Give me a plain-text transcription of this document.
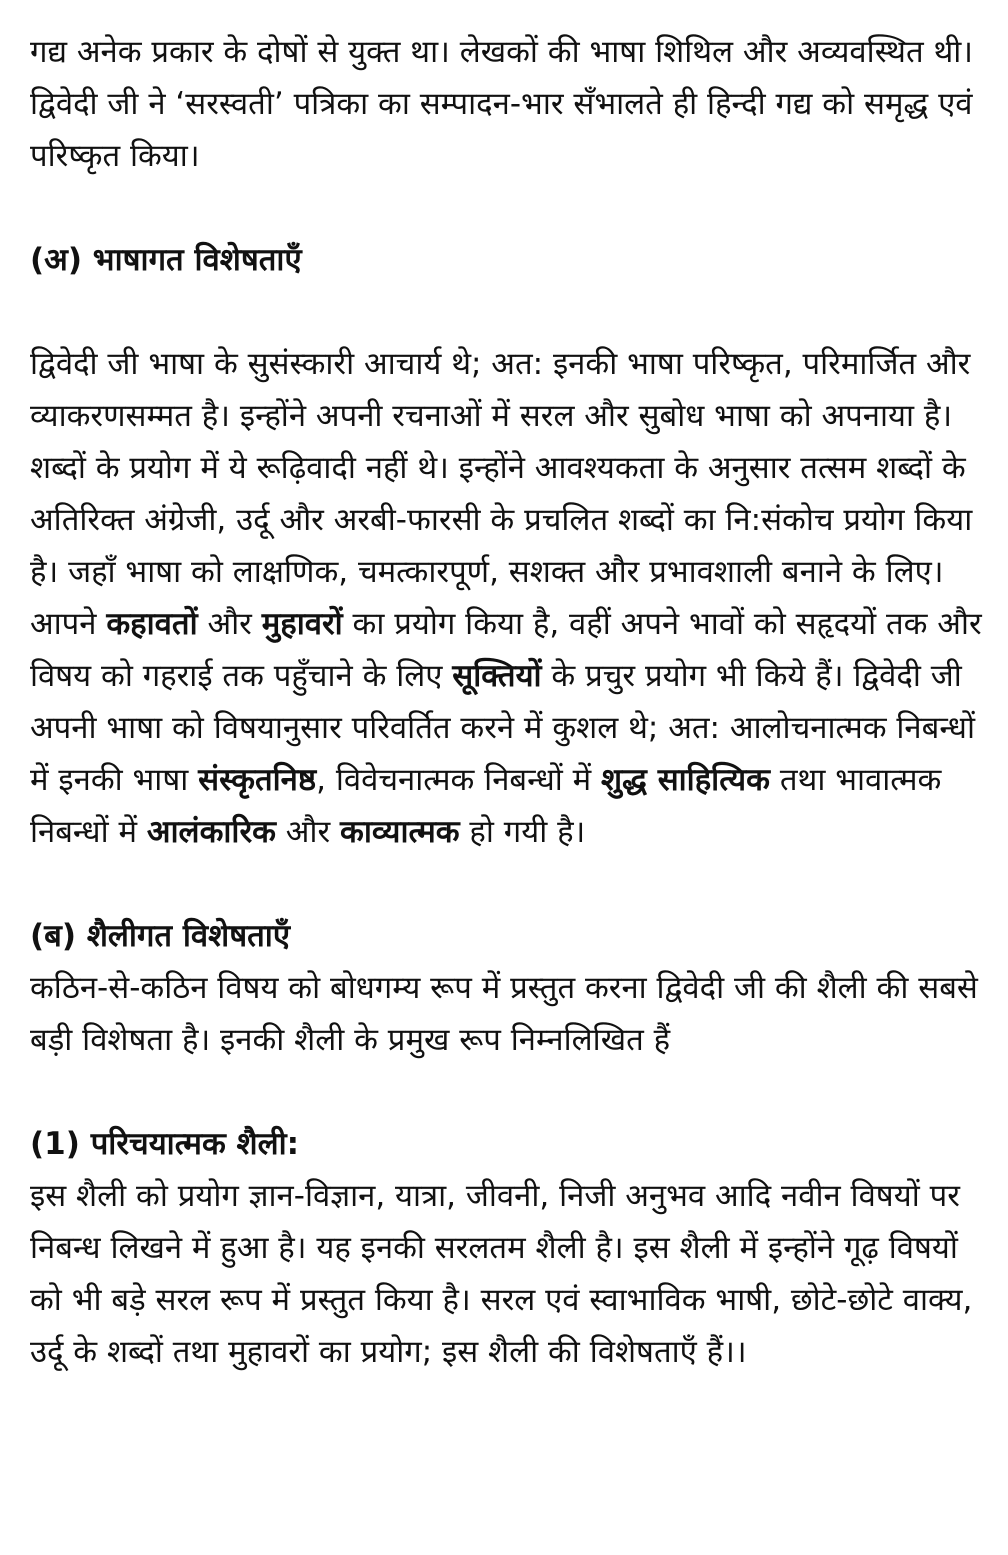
गद्य अनेक प्रकार के दोषों से युक्त था। लेखकों की भाषा शिथिल और अव्यवस्थित थी। द्विवेदी जी ने ‘सरस्वती’ पत्रिका का सम्पादन-भार सँभालते ही हिन्दी गद्य को समृद्ध एवं परिष्कृत किया।

(अ) भाषागत विशेषताएँ

द्विवेदी जी भाषा के सुसंस्कारी आचार्य थे; अत: इनकी भाषा परिष्कृत, परिमार्जित और व्याकरणसम्मत है। इन्होंने अपनी रचनाओं में सरल और सुबोध भाषा को अपनाया है। शब्दों के प्रयोग में ये रूढ़िवादी नहीं थे। इन्होंने आवश्यकता के अनुसार तत्सम शब्दों के अतिरिक्त अंग्रेजी, उर्दू और अरबी-फारसी के प्रचलित शब्दों का नि:संकोच प्रयोग किया है। जहाँ भाषा को लाक्षणिक, चमत्कारपूर्ण, सशक्त और प्रभावशाली बनाने के लिए।

आपने कहावतों और मुहावरों का प्रयोग किया है, वहीं अपने भावों को सहृदयों तक और विषय को गहराई तक पहुँचाने के लिए सूक्तियों के प्रचुर प्रयोग भी किये हैं। द्विवेदी जी अपनी भाषा को विषयानुसार परिवर्तित करने में कुशल थे; अत: आलोचनात्मक निबन्धों में इनकी भाषा संस्कृतनिष्ठ, विवेचनात्मक निबन्धों में शुद्ध साहित्यिक तथा भावात्मक निबन्धों में आलंकारिक और काव्यात्मक हो गयी है।

(ब) शैलीगत विशेषताएँ

कठिन-से-कठिन विषय को बोधगम्य रूप में प्रस्तुत करना द्विवेदी जी की शैली की सबसे बड़ी विशेषता है। इनकी शैली के प्रमुख रूप निम्नलिखित हैं

(1) परिचयात्मक शैली:

इस शैली को प्रयोग ज्ञान-विज्ञान, यात्रा, जीवनी, निजी अनुभव आदि नवीन विषयों पर निबन्ध लिखने में हुआ है। यह इनकी सरलतम शैली है। इस शैली में इन्होंने गूढ़ विषयों को भी बड़े सरल रूप में प्रस्तुत किया है। सरल एवं स्वाभाविक भाषी, छोटे-छोटे वाक्य, उर्दू के शब्दों तथा मुहावरों का प्रयोग; इस शैली की विशेषताएँ हैं।।
